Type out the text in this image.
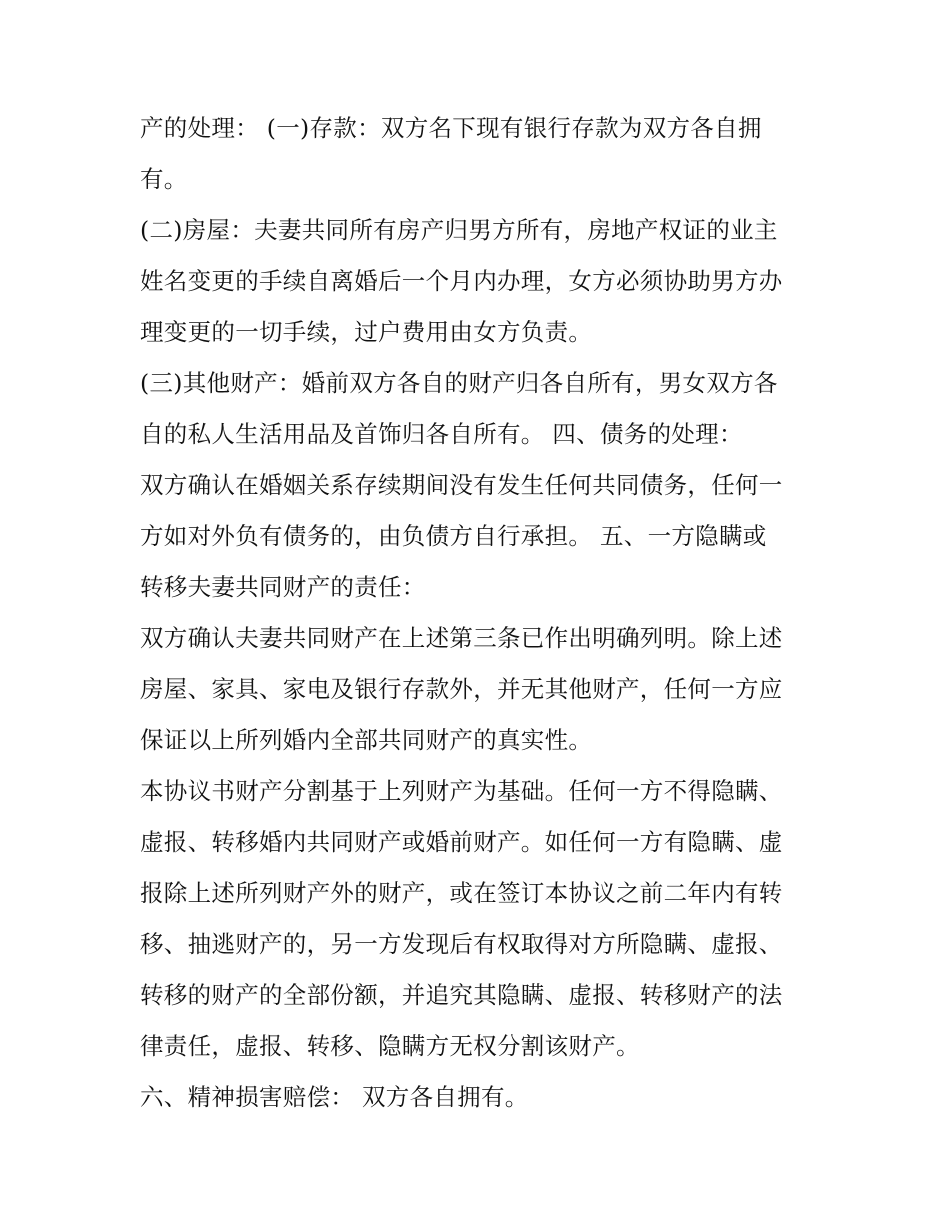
产的处理： (一)存款：双方名下现有银行存款为双方各自拥
有。
(二)房屋：夫妻共同所有房产归男方所有，房地产权证的业主
姓名变更的手续自离婚后一个月内办理，女方必须协助男方办
理变更的一切手续，过户费用由女方负责。
(三)其他财产：婚前双方各自的财产归各自所有，男女双方各
自的私人生活用品及首饰归各自所有。 四、债务的处理：
双方确认在婚姻关系存续期间没有发生任何共同债务，任何一
方如对外负有债务的，由负债方自行承担。 五、一方隐瞒或
转移夫妻共同财产的责任：
双方确认夫妻共同财产在上述第三条已作出明确列明。除上述
房屋、家具、家电及银行存款外，并无其他财产，任何一方应
保证以上所列婚内全部共同财产的真实性。
本协议书财产分割基于上列财产为基础。任何一方不得隐瞒、
虚报、转移婚内共同财产或婚前财产。如任何一方有隐瞒、虚
报除上述所列财产外的财产，或在签订本协议之前二年内有转
移、抽逃财产的，另一方发现后有权取得对方所隐瞒、虚报、
转移的财产的全部份额，并追究其隐瞒、虚报、转移财产的法
律责任，虚报、转移、隐瞒方无权分割该财产。
六、精神损害赔偿： 双方各自拥有。
